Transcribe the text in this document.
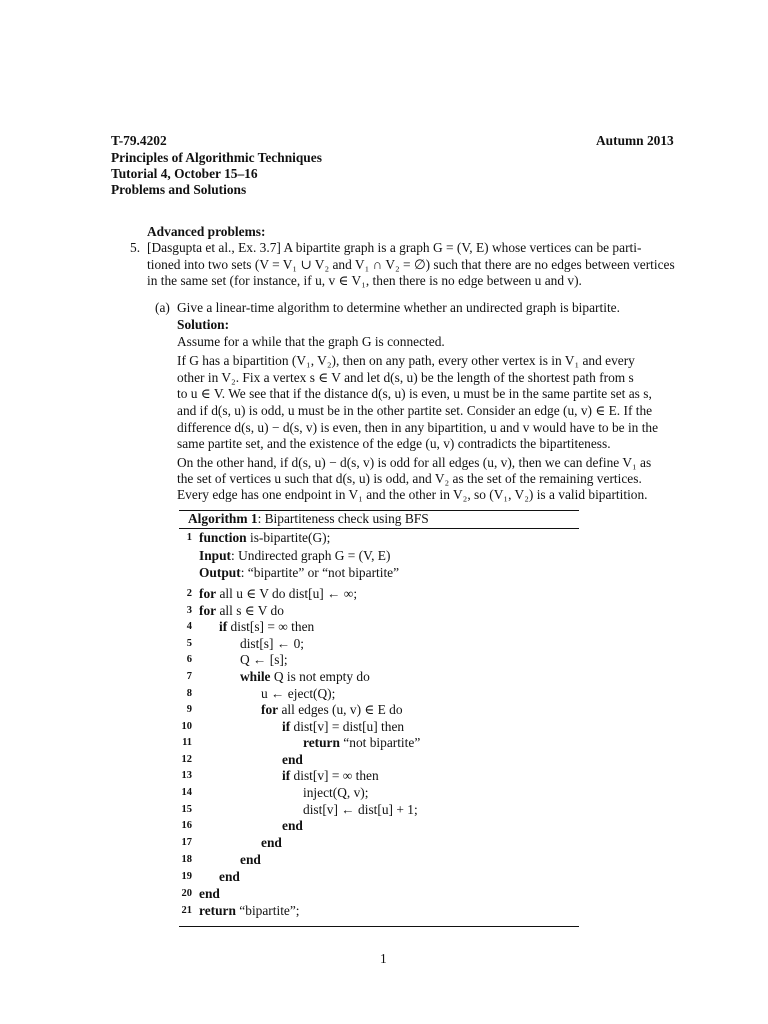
T-79.4202	Autumn 2013
Principles of Algorithmic Techniques
Tutorial 4, October 15–16
Problems and Solutions
Advanced problems:
5. [Dasgupta et al., Ex. 3.7] A bipartite graph is a graph G = (V, E) whose vertices can be parti-
tioned into two sets (V = V₁ ∪ V₂ and V₁ ∩ V₂ = ∅) such that there are no edges between vertices
in the same set (for instance, if u, v ∈ V₁, then there is no edge between u and v).
(a) Give a linear-time algorithm to determine whether an undirected graph is bipartite.
Solution:
Assume for a while that the graph G is connected.
If G has a bipartition (V₁, V₂), then on any path, every other vertex is in V₁ and every
other in V₂. Fix a vertex s ∈ V and let d(s, u) be the length of the shortest path from s
to u ∈ V. We see that if the distance d(s, u) is even, u must be in the same partite set as s,
and if d(s, u) is odd, u must be in the other partite set. Consider an edge (u, v) ∈ E. If the
difference d(s, u) − d(s, v) is even, then in any bipartition, u and v would have to be in the
same partite set, and the existence of the edge (u, v) contradicts the bipartiteness.
On the other hand, if d(s, u) − d(s, v) is odd for all edges (u, v), then we can define V₁ as
the set of vertices u such that d(s, u) is odd, and V₂ as the set of the remaining vertices.
Every edge has one endpoint in V₁ and the other in V₂, so (V₁, V₂) is a valid bipartition.
Algorithm 1: Bipartiteness check using BFS
1 function is-bipartite(G);
Input: Undirected graph G = (V, E)
Output: “bipartite” or “not bipartite”
2 for all u ∈ V do dist[u] ← ∞;
3 for all s ∈ V do
4 if dist[s] = ∞ then
5	dist[s] ← 0;
6	Q ← [s];
7	while Q is not empty do
8	u ← eject(Q);
9	for all edges (u, v) ∈ E do
10	if dist[v] = dist[u] then
11	return “not bipartite”
12	end
13	if dist[v] = ∞ then
14	inject(Q, v);
15	dist[v] ← dist[u] + 1;
16	end
17	end
18	end
19 end
20 end
21 return “bipartite”;
1
